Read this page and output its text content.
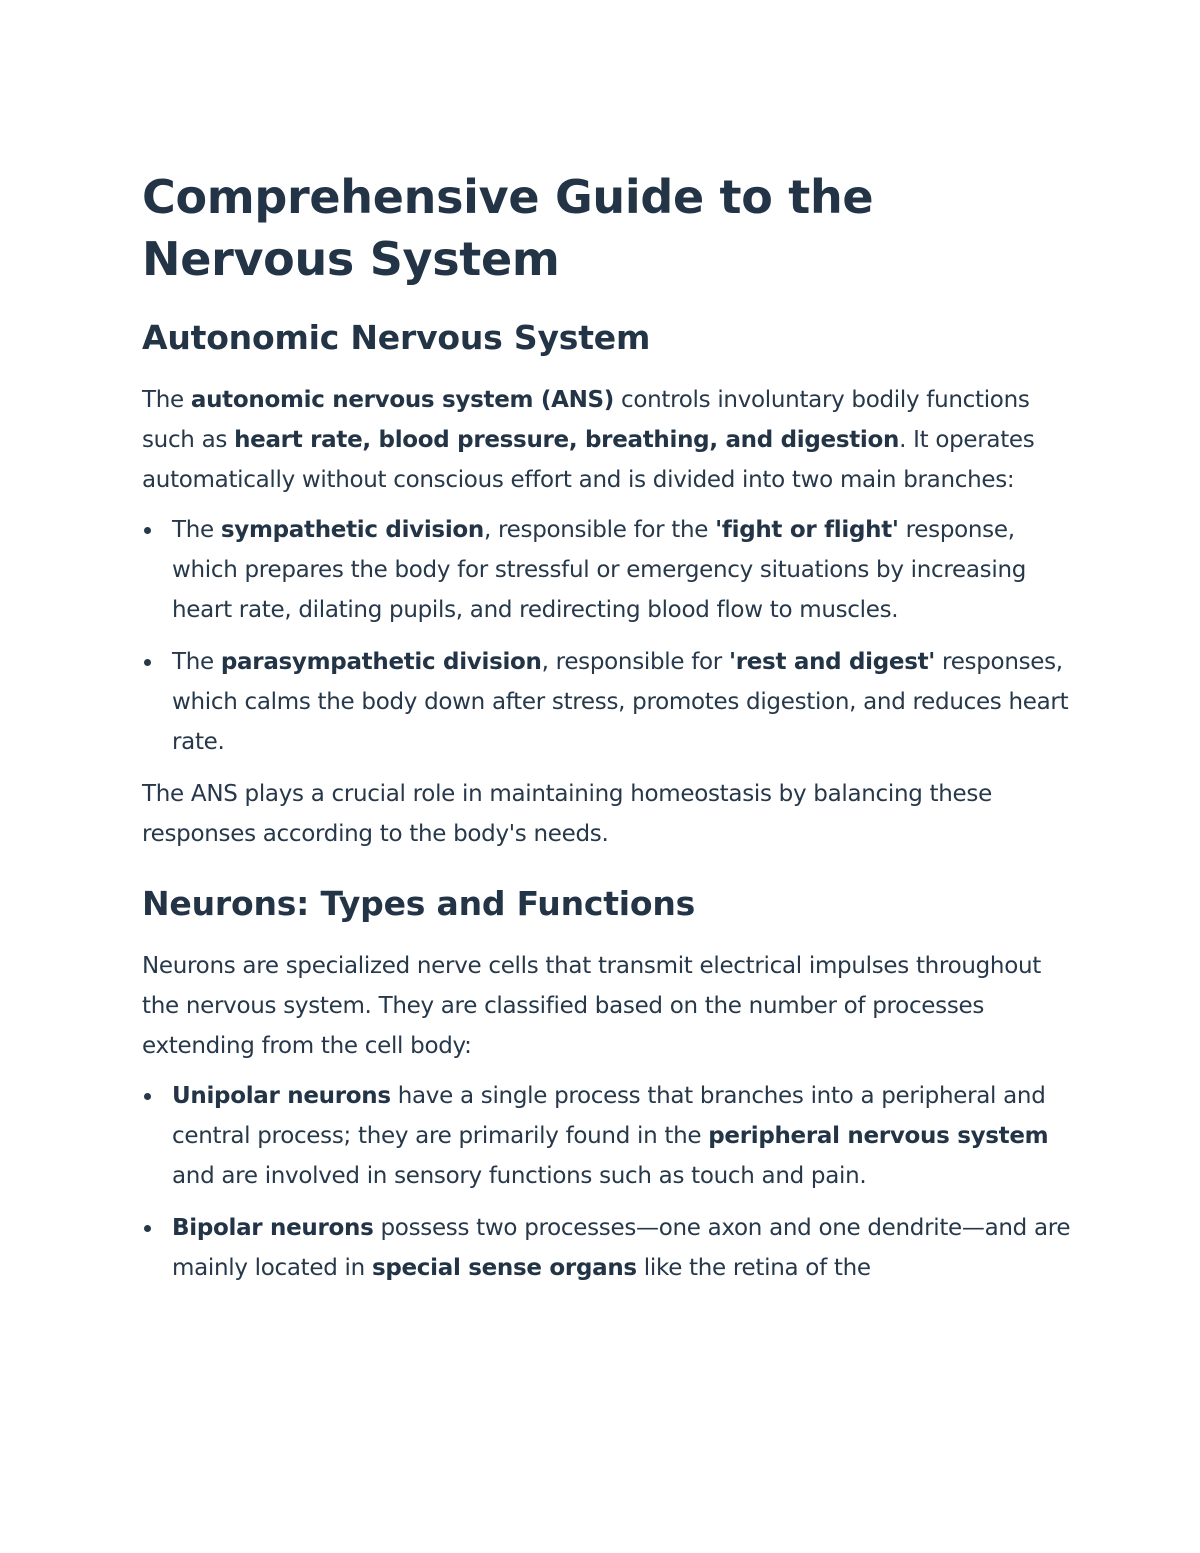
Comprehensive Guide to the Nervous System
Autonomic Nervous System

The autonomic nervous system (ANS) controls involuntary bodily functions such as heart rate, blood pressure, breathing, and digestion. It operates automatically without conscious effort and is divided into two main branches:

The sympathetic division, responsible for the 'fight or flight' response, which prepares the body for stressful or emergency situations by increasing heart rate, dilating pupils, and redirecting blood flow to muscles.
The parasympathetic division, responsible for 'rest and digest' responses, which calms the body down after stress, promotes digestion, and reduces heart rate.

The ANS plays a crucial role in maintaining homeostasis by balancing these responses according to the body's needs.

Neurons: Types and Functions

Neurons are specialized nerve cells that transmit electrical impulses throughout the nervous system. They are classified based on the number of processes extending from the cell body:

Unipolar neurons have a single process that branches into a peripheral and central process; they are primarily found in the peripheral nervous system and are involved in sensory functions such as touch and pain.
Bipolar neurons possess two processes—one axon and one dendrite—and are mainly located in special sense organs like the retina of the
